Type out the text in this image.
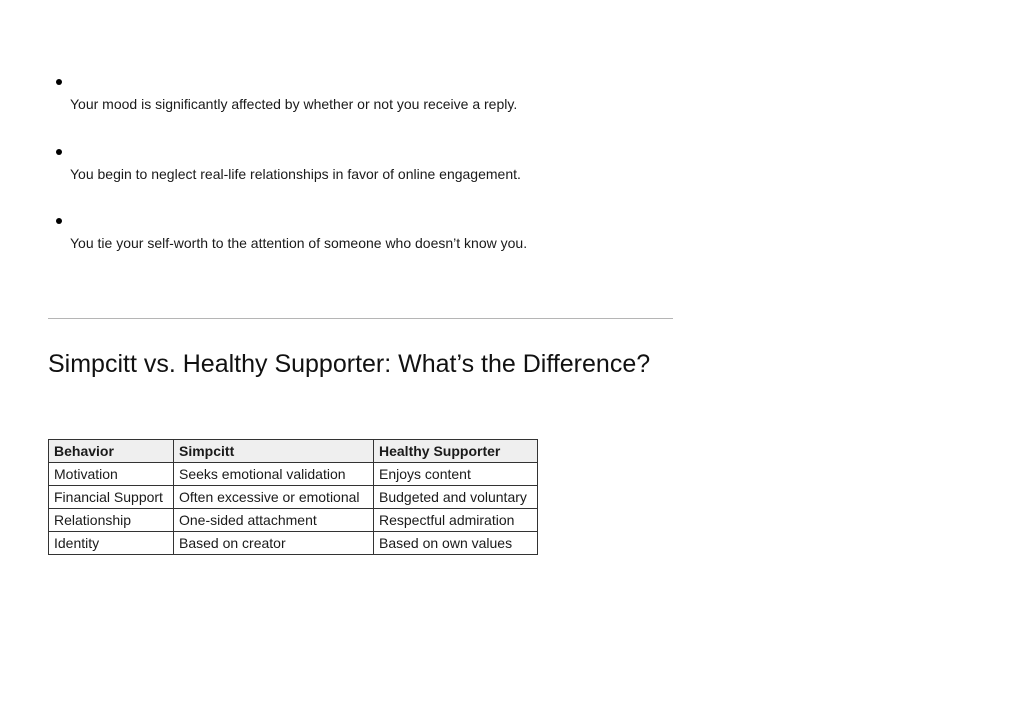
Your mood is significantly affected by whether or not you receive a reply.
You begin to neglect real-life relationships in favor of online engagement.
You tie your self-worth to the attention of someone who doesn’t know you.
Simpcitt vs. Healthy Supporter: What’s the Difference?
Behavior	Simpcitt	Healthy Supporter
Motivation	Seeks emotional validation	Enjoys content
Financial Support	Often excessive or emotional	Budgeted and voluntary
Relationship	One-sided attachment	Respectful admiration
Identity	Based on creator	Based on own values
